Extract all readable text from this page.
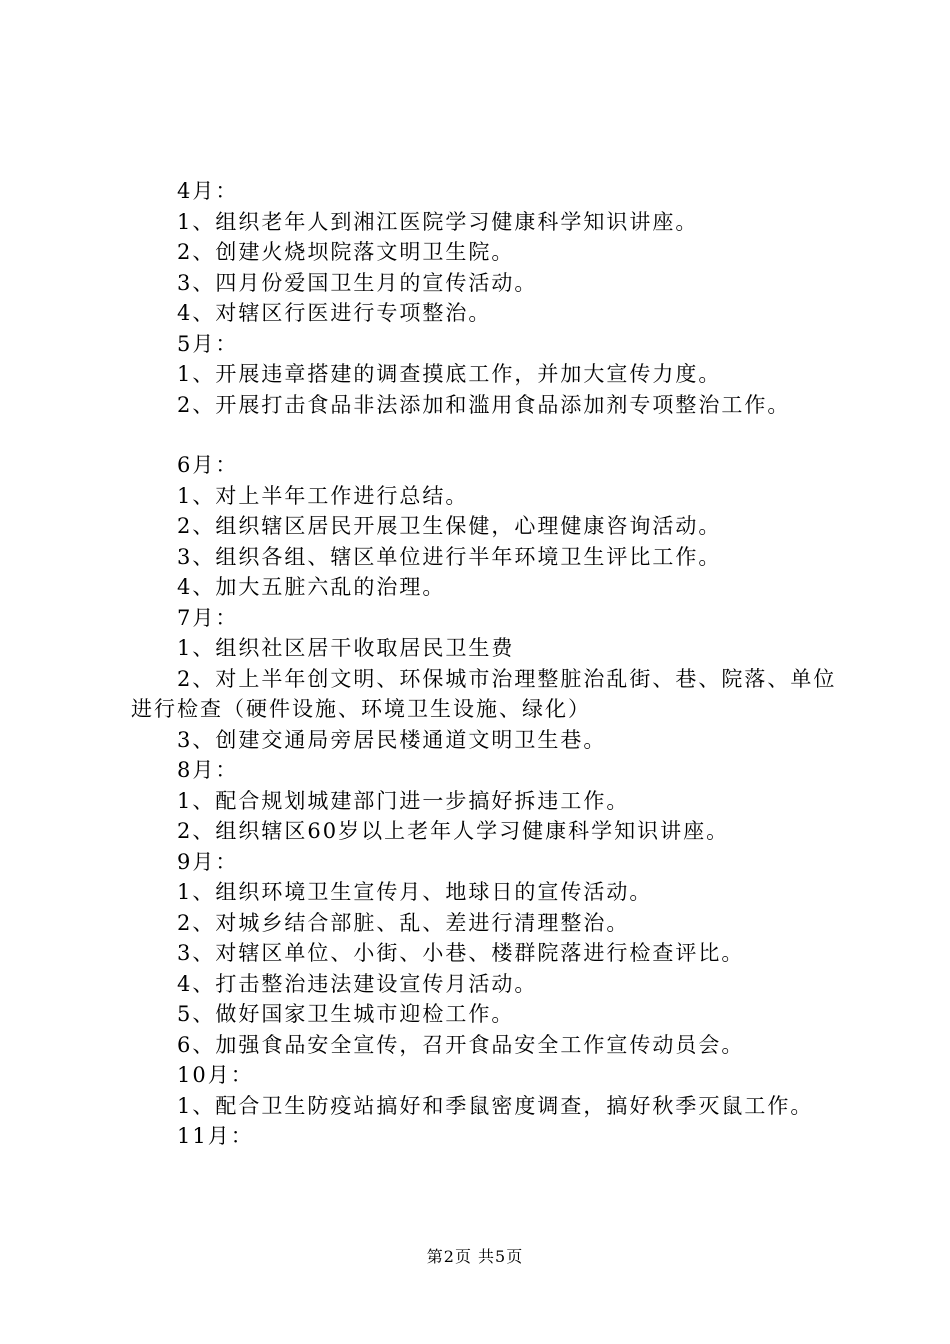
4月：
1、组织老年人到湘江医院学习健康科学知识讲座。
2、创建火烧坝院落文明卫生院。
3、四月份爱国卫生月的宣传活动。
4、对辖区行医进行专项整治。
5月：
1、开展违章搭建的调查摸底工作，并加大宣传力度。
2、开展打击食品非法添加和滥用食品添加剂专项整治工作。
6月：
1、对上半年工作进行总结。
2、组织辖区居民开展卫生保健，心理健康咨询活动。
3、组织各组、辖区单位进行半年环境卫生评比工作。
4、加大五脏六乱的治理。
7月：
1、组织社区居干收取居民卫生费
2、对上半年创文明、环保城市治理整脏治乱街、巷、院落、单位进行检查（硬件设施、环境卫生设施、绿化）
3、创建交通局旁居民楼通道文明卫生巷。
8月：
1、配合规划城建部门进一步搞好拆违工作。
2、组织辖区60岁以上老年人学习健康科学知识讲座。
9月：
1、组织环境卫生宣传月、地球日的宣传活动。
2、对城乡结合部脏、乱、差进行清理整治。
3、对辖区单位、小街、小巷、楼群院落进行检查评比。
4、打击整治违法建设宣传月活动。
5、做好国家卫生城市迎检工作。
6、加强食品安全宣传，召开食品安全工作宣传动员会。
10月：
1、配合卫生防疫站搞好和季鼠密度调查，搞好秋季灭鼠工作。
11月：
第2页 共5页
